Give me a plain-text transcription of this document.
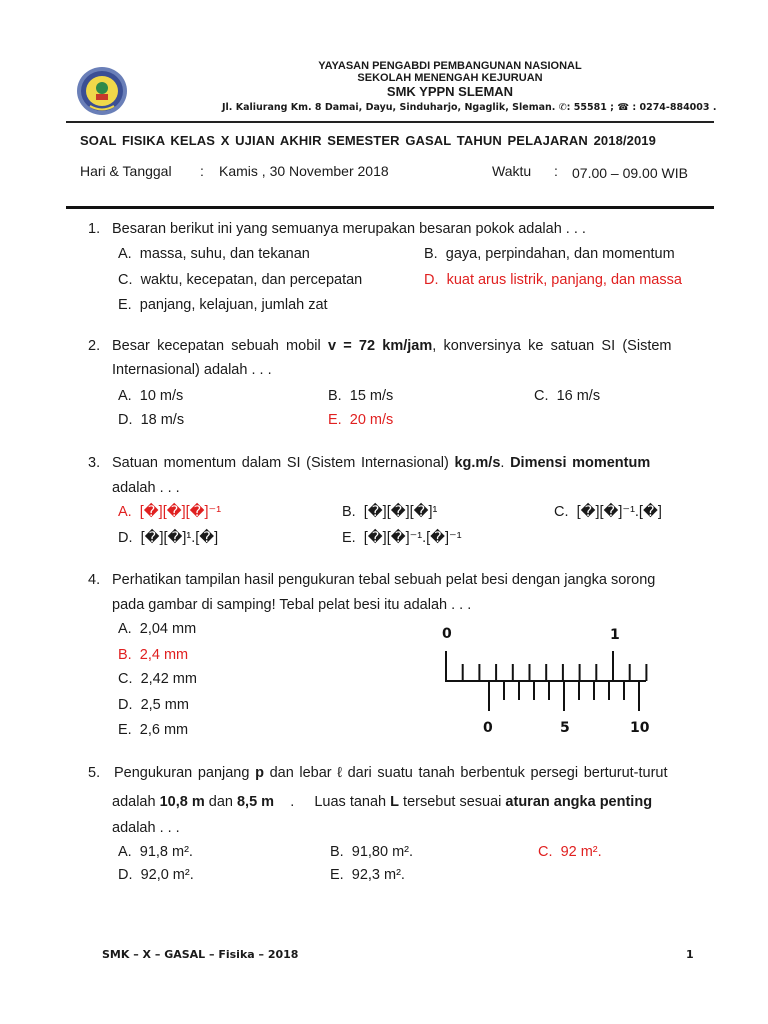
YAYASAN PENGABDI PEMBANGUNAN NASIONAL
SEKOLAH MENENGAH KEJURUAN
SMK YPPN SLEMAN
Jl. Kaliurang Km. 8 Damai, Dayu, Sinduharjo, Ngaglik, Sleman. ✆: 55581 ; ☎ : 0274-884003 .
SOAL FISIKA KELAS X UJIAN AKHIR SEMESTER GASAL TAHUN PELAJARAN 2018/2019
Hari & Tanggal : Kamis , 30 November 2018	Waktu : 07.00 – 09.00 WIB
1. Besaran berikut ini yang semuanya merupakan besaran pokok adalah . . .
A. massa, suhu, dan tekanan	B. gaya, perpindahan, dan momentum
C. waktu, kecepatan, dan percepatan	D. kuat arus listrik, panjang, dan massa
E. panjang, kelajuan, jumlah zat
2. Besar kecepatan sebuah mobil v = 72 km/jam, konversinya ke satuan SI (Sistem
Internasional) adalah . . .
A. 10 m/s	B. 15 m/s	C. 16 m/s
D. 18 m/s	E. 20 m/s
3. Satuan momentum dalam SI (Sistem Internasional) kg.m/s. Dimensi momentum
adalah . . .
A. [�][�][�]⁻¹	B. [�][�][�]¹	C. [�][�]⁻¹.[�]
D. [�][�]¹.[�]	E. [�][�]⁻¹.[�]⁻¹
4. Perhatikan tampilan hasil pengukuran tebal sebuah pelat besi dengan jangka sorong
pada gambar di samping! Tebal pelat besi itu adalah . . .
A. 2,04 mm
B. 2,4 mm
C. 2,42 mm
D. 2,5 mm
E. 2,6 mm
0	1
0	5	10
5. Pengukuran panjang p dan lebar ℓ dari suatu tanah berbentuk persegi berturut-turut
adalah 10,8 m dan 8,5 m    .     Luas tanah L tersebut sesuai aturan angka penting
adalah . . .
A. 91,8 m².	B. 91,80 m².	C. 92 m².
D. 92,0 m².	E. 92,3 m².
SMK – X – GASAL – Fisika – 2018	1
